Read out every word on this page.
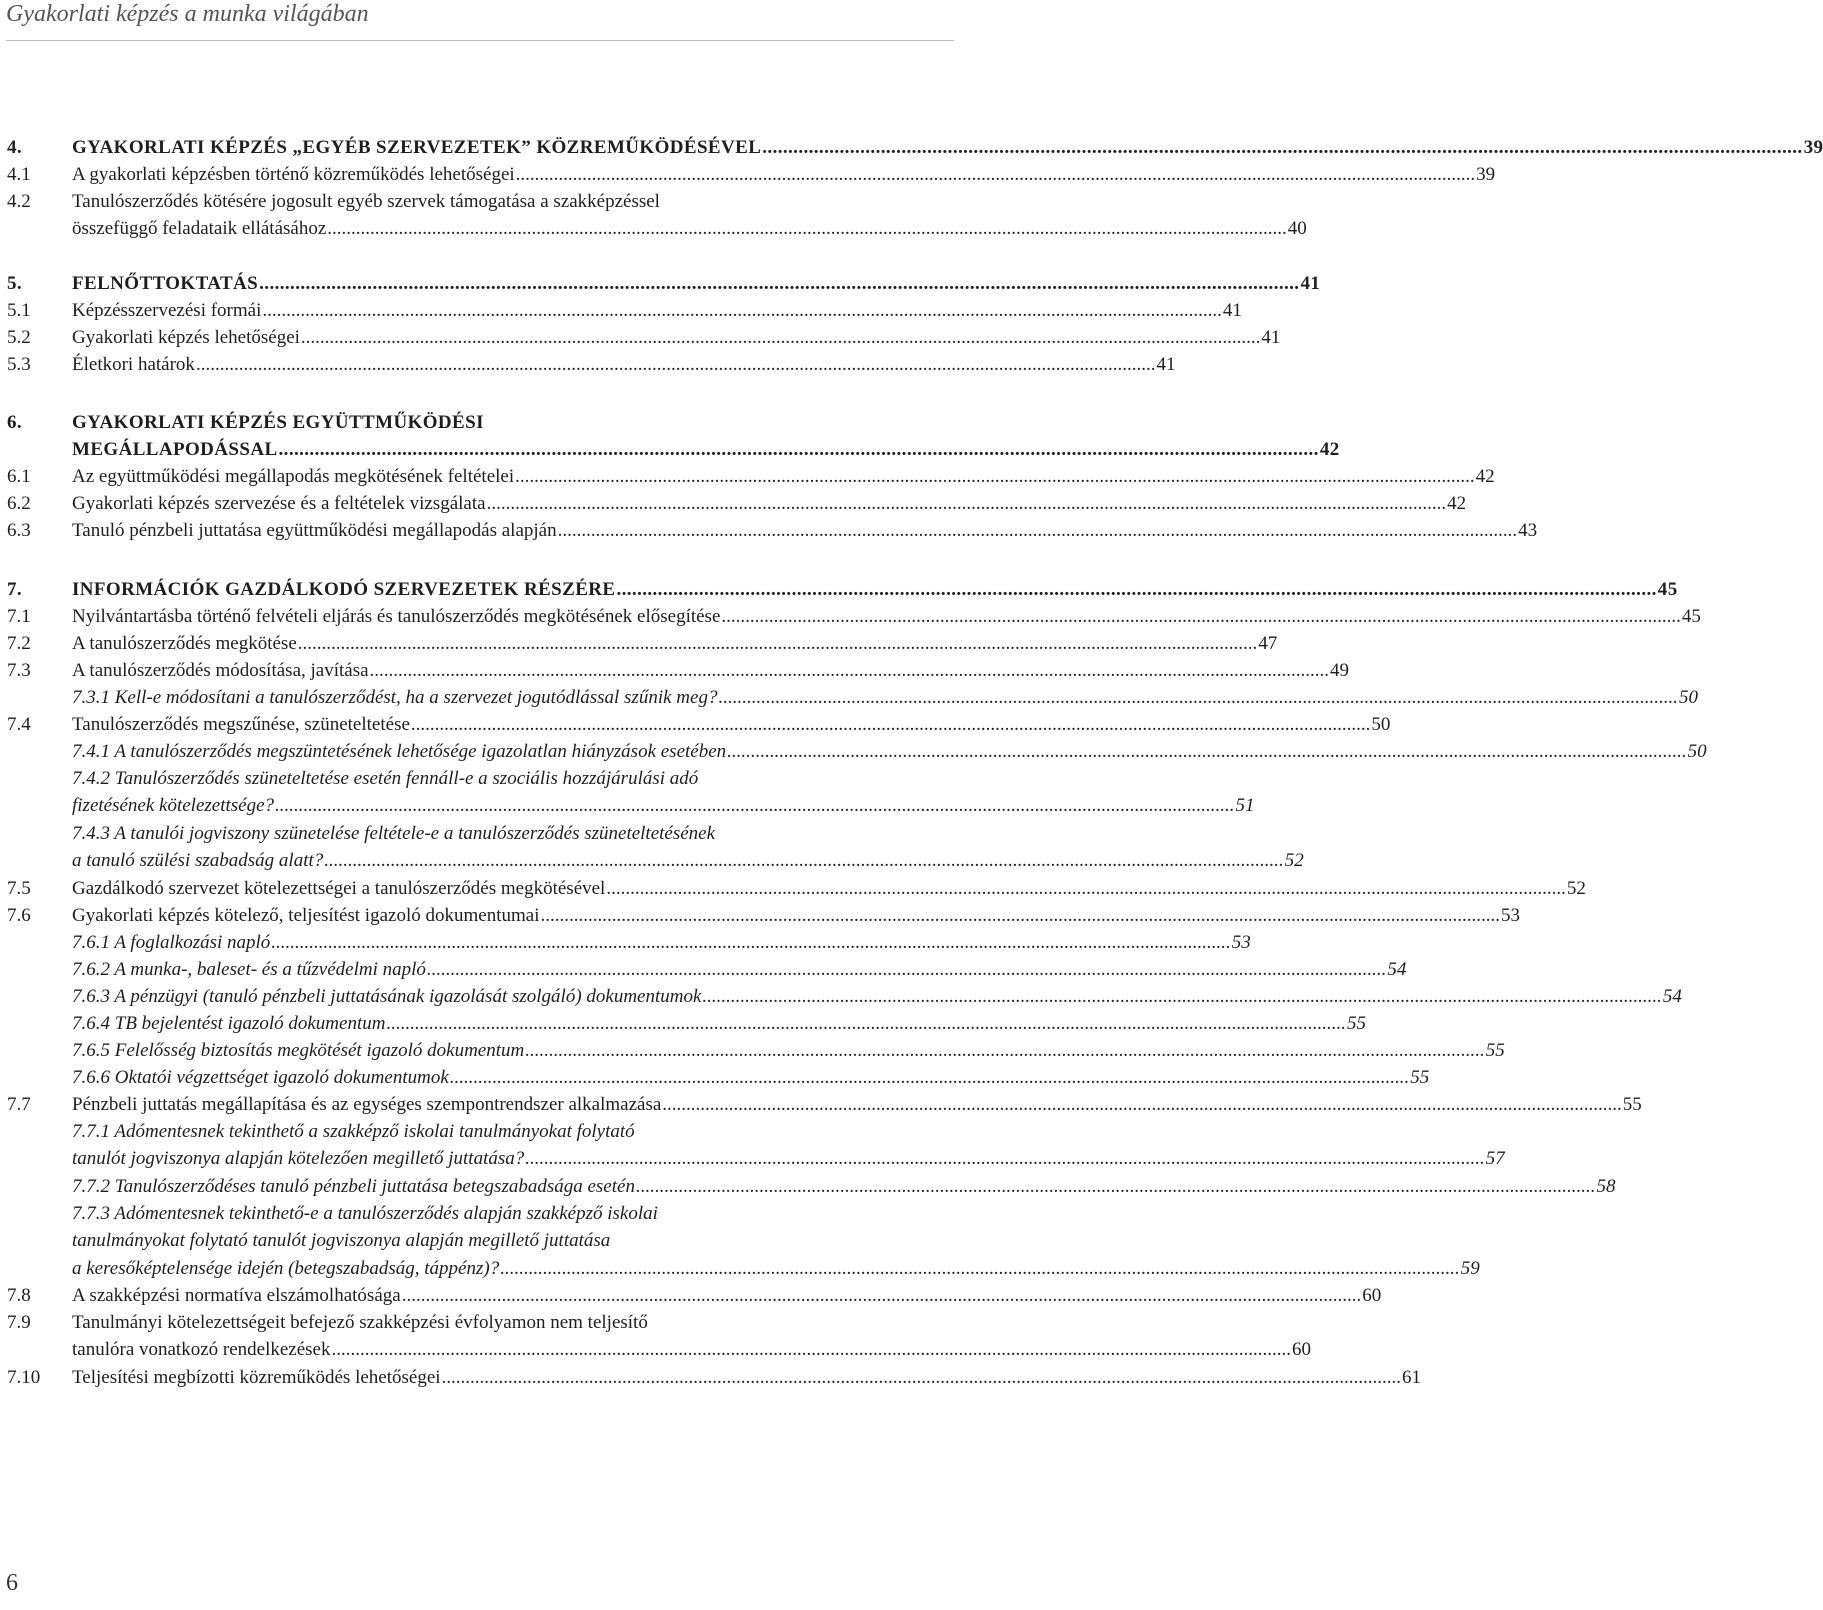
Gyakorlati képzés a munka világában
4.	GYAKORLATI KÉPZÉS „EGYÉB SZERVEZETEK” KÖZREMŰKÖDÉSÉVEL .......................................................................................................................................................................................................... 39
4.1 A gyakorlati képzésben történő közreműködés lehetőségei .......................................................................................................................................................................................................... 39
4.2 Tanulószerződés kötésére jogosult egyéb szervek támogatása a szakképzéssel
összefüggő feladataik ellátásához .......................................................................................................................................................................................................... 40
5.	FELNŐTTOKTATÁS .......................................................................................................................................................................................................... 41
5.1 Képzésszervezési formái .......................................................................................................................................................................................................... 41
5.2 Gyakorlati képzés lehetőségei .......................................................................................................................................................................................................... 41
5.3 Életkori határok .......................................................................................................................................................................................................... 41
6.	GYAKORLATI KÉPZÉS EGYÜTTMŰKÖDÉSI
MEGÁLLAPODÁSSAL .......................................................................................................................................................................................................... 42
6.1 Az együttműködési megállapodás megkötésének feltételei .......................................................................................................................................................................................................... 42
6.2 Gyakorlati képzés szervezése és a feltételek vizsgálata .......................................................................................................................................................................................................... 42
6.3 Tanuló pénzbeli juttatása együttműködési megállapodás alapján .......................................................................................................................................................................................................... 43
7.	INFORMÁCIÓK GAZDÁLKODÓ SZERVEZETEK RÉSZÉRE .......................................................................................................................................................................................................... 45
7.1 Nyilvántartásba történő felvételi eljárás és tanulószerződés megkötésének elősegítése .......................................................................................................................................................................................................... 45
7.2 A tanulószerződés megkötése .......................................................................................................................................................................................................... 47
7.3 A tanulószerződés módosítása, javítása .......................................................................................................................................................................................................... 49
7.3.1 Kell-e módosítani a tanulószerződést, ha a szervezet jogutódlással szűnik meg? .......................................................................................................................................................................................................... 50
7.4 Tanulószerződés megszűnése, szüneteltetése .......................................................................................................................................................................................................... 50
7.4.1 A tanulószerződés megszüntetésének lehetősége igazolatlan hiányzások esetében .......................................................................................................................................................................................................... 50
7.4.2 Tanulószerződés szüneteltetése esetén fennáll-e a szociális hozzájárulási adó
fizetésének kötelezettsége? .......................................................................................................................................................................................................... 51
7.4.3 A tanulói jogviszony szünetelése feltétele-e a tanulószerződés szüneteltetésének
a tanuló szülési szabadság alatt? .......................................................................................................................................................................................................... 52
7.5 Gazdálkodó szervezet kötelezettségei a tanulószerződés megkötésével .......................................................................................................................................................................................................... 52
7.6 Gyakorlati képzés kötelező, teljesítést igazoló dokumentumai .......................................................................................................................................................................................................... 53
7.6.1 A foglalkozási napló .......................................................................................................................................................................................................... 53
7.6.2 A munka-, baleset- és a tűzvédelmi napló .......................................................................................................................................................................................................... 54
7.6.3 A pénzügyi (tanuló pénzbeli juttatásának igazolását szolgáló) dokumentumok .......................................................................................................................................................................................................... 54
7.6.4 TB bejelentést igazoló dokumentum .......................................................................................................................................................................................................... 55
7.6.5 Felelősség biztosítás megkötését igazoló dokumentum .......................................................................................................................................................................................................... 55
7.6.6 Oktatói végzettséget igazoló dokumentumok .......................................................................................................................................................................................................... 55
7.7 Pénzbeli juttatás megállapítása és az egységes szempontrendszer alkalmazása .......................................................................................................................................................................................................... 55
7.7.1 Adómentesnek tekinthető a szakképző iskolai tanulmányokat folytató
tanulót jogviszonya alapján kötelezően megillető juttatása? .......................................................................................................................................................................................................... 57
7.7.2 Tanulószerződéses tanuló pénzbeli juttatása betegszabadsága esetén .......................................................................................................................................................................................................... 58
7.7.3 Adómentesnek tekinthető-e a tanulószerződés alapján szakképző iskolai
tanulmányokat folytató tanulót jogviszonya alapján megillető juttatása
a keresőképtelensége idején (betegszabadság, táppénz)? .......................................................................................................................................................................................................... 59
7.8 A szakképzési normatíva elszámolhatósága .......................................................................................................................................................................................................... 60
7.9 Tanulmányi kötelezettségeit befejező szakképzési évfolyamon nem teljesítő
tanulóra vonatkozó rendelkezések .......................................................................................................................................................................................................... 60
7.10 Teljesítési megbízotti közreműködés lehetőségei .......................................................................................................................................................................................................... 61
6
